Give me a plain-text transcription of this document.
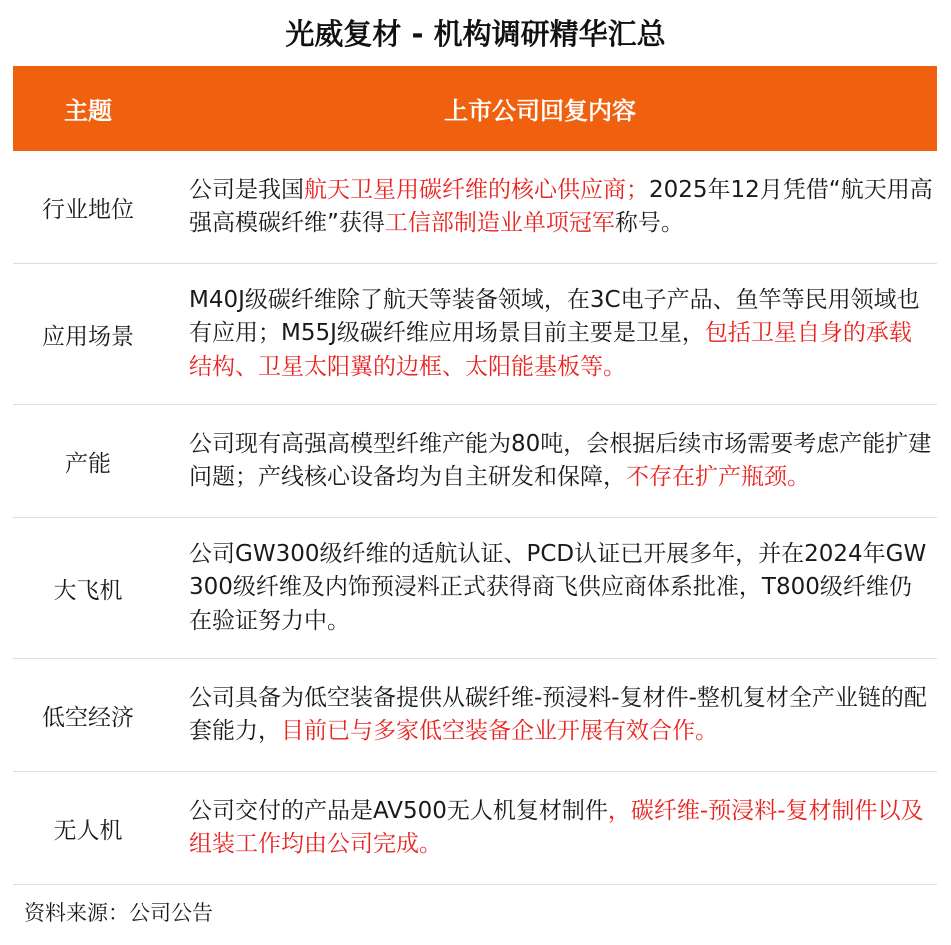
光威复材 - 机构调研精华汇总
主题	上市公司回复内容
行业地位
公司是我国航天卫星用碳纤维的核心供应商；2025年12月凭借“航天用高强高模碳纤维”获得工信部制造业单项冠军称号。
应用场景
M40J级碳纤维除了航天等装备领域，在3C电子产品、鱼竿等民用领域也有应用；M55J级碳纤维应用场景目前主要是卫星，包括卫星自身的承载结构、卫星太阳翼的边框、太阳能基板等。
产能
公司现有高强高模型纤维产能为80吨，会根据后续市场需要考虑产能扩建问题；产线核心设备均为自主研发和保障，不存在扩产瓶颈。
大飞机
公司GW300级纤维的适航认证、PCD认证已开展多年，并在2024年GW300级纤维及内饰预浸料正式获得商飞供应商体系批准，T800级纤维仍在验证努力中。
低空经济
公司具备为低空装备提供从碳纤维-预浸料-复材件-整机复材全产业链的配套能力，目前已与多家低空装备企业开展有效合作。
无人机
公司交付的产品是AV500无人机复材制件，碳纤维-预浸料-复材制件以及组装工作均由公司完成。
资料来源：公司公告
